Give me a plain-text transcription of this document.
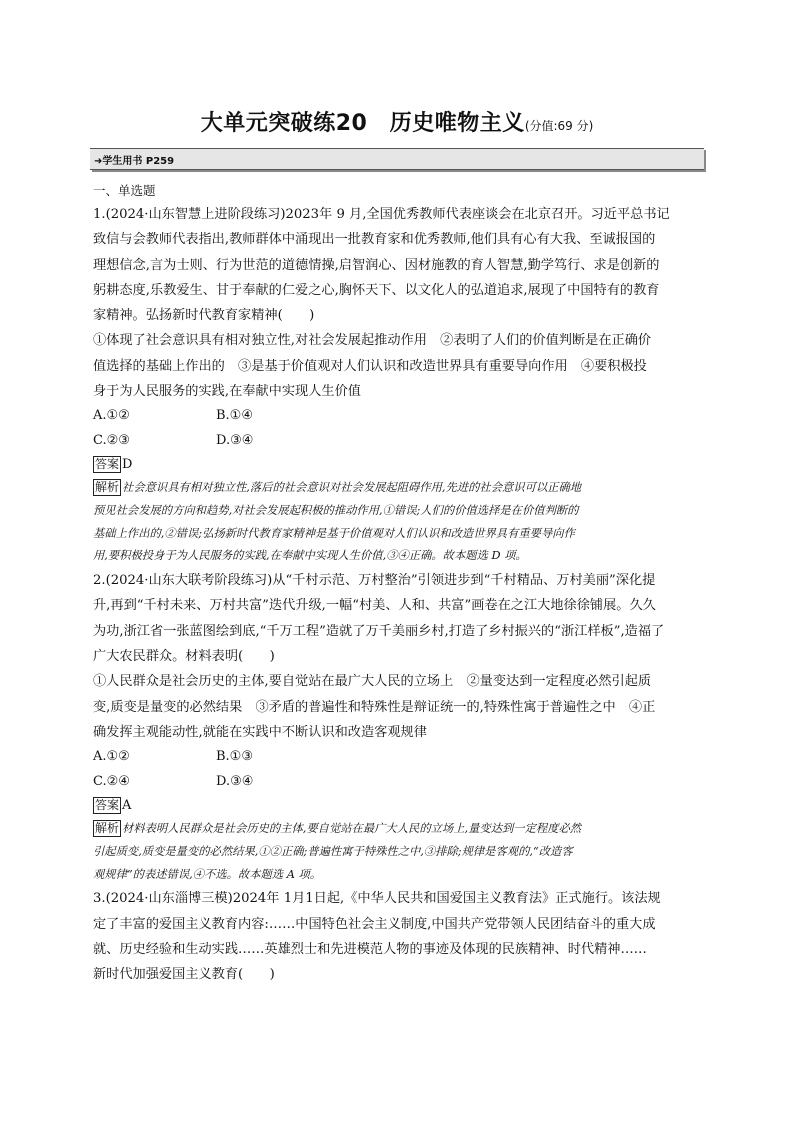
大单元突破练20　历史唯物主义(分值:69 分)
➜学生用书 P259

一、单选题

1.(2024·山东智慧上进阶段练习)2023年 9 月,全国优秀教师代表座谈会在北京召开。习近平总书记

致信与会教师代表指出,教师群体中涌现出一批教育家和优秀教师,他们具有心有大我、至诚报国的

理想信念,言为士则、行为世范的道德情操,启智润心、因材施教的育人智慧,勤学笃行、求是创新的

躬耕态度,乐教爱生、甘于奉献的仁爱之心,胸怀天下、以文化人的弘道追求,展现了中国特有的教育

家精神。弘扬新时代教育家精神(　　)

①体现了社会意识具有相对独立性,对社会发展起推动作用　②表明了人们的价值判断是在正确价

值选择的基础上作出的　③是基于价值观对人们认识和改造世界具有重要导向作用　④要积极投

身于为人民服务的实践,在奉献中实现人生价值

A.①②	B.①④
C.②③	D.③④
答案 D

解析 社会意识具有相对独立性,落后的社会意识对社会发展起阻碍作用,先进的社会意识可以正确地

预见社会发展的方向和趋势,对社会发展起积极的推动作用,①错误;人们的价值选择是在价值判断的

基础上作出的,②错误;弘扬新时代教育家精神是基于价值观对人们认识和改造世界具有重要导向作

用,要积极投身于为人民服务的实践,在奉献中实现人生价值,③④正确。故本题选 D 项。

2.(2024·山东大联考阶段练习)从“千村示范、万村整治”引领进步到“千村精品、万村美丽”深化提

升,再到“千村未来、万村共富”迭代升级,一幅“村美、人和、共富”画卷在之江大地徐徐铺展。久久

为功,浙江省一张蓝图绘到底,“千万工程”造就了万千美丽乡村,打造了乡村振兴的“浙江样板”,造福了

广大农民群众。材料表明(　　)

①人民群众是社会历史的主体,要自觉站在最广大人民的立场上　②量变达到一定程度必然引起质

变,质变是量变的必然结果　③矛盾的普遍性和特殊性是辩证统一的,特殊性寓于普遍性之中　④正

确发挥主观能动性,就能在实践中不断认识和改造客观规律

A.①②	B.①③
C.②④	D.③④
答案 A

解析 材料表明人民群众是社会历史的主体,要自觉站在最广大人民的立场上,量变达到一定程度必然

引起质变,质变是量变的必然结果,①②正确;普遍性寓于特殊性之中,③排除;规律是客观的,“改造客

观规律”的表述错误,④不选。故本题选 A 项。

3.(2024·山东淄博三模)2024年 1月1日起,《中华人民共和国爱国主义教育法》正式施行。该法规

定了丰富的爱国主义教育内容:……中国特色社会主义制度,中国共产党带领人民团结奋斗的重大成

就、历史经验和生动实践……英雄烈士和先进模范人物的事迹及体现的民族精神、时代精神……

新时代加强爱国主义教育(　　)
